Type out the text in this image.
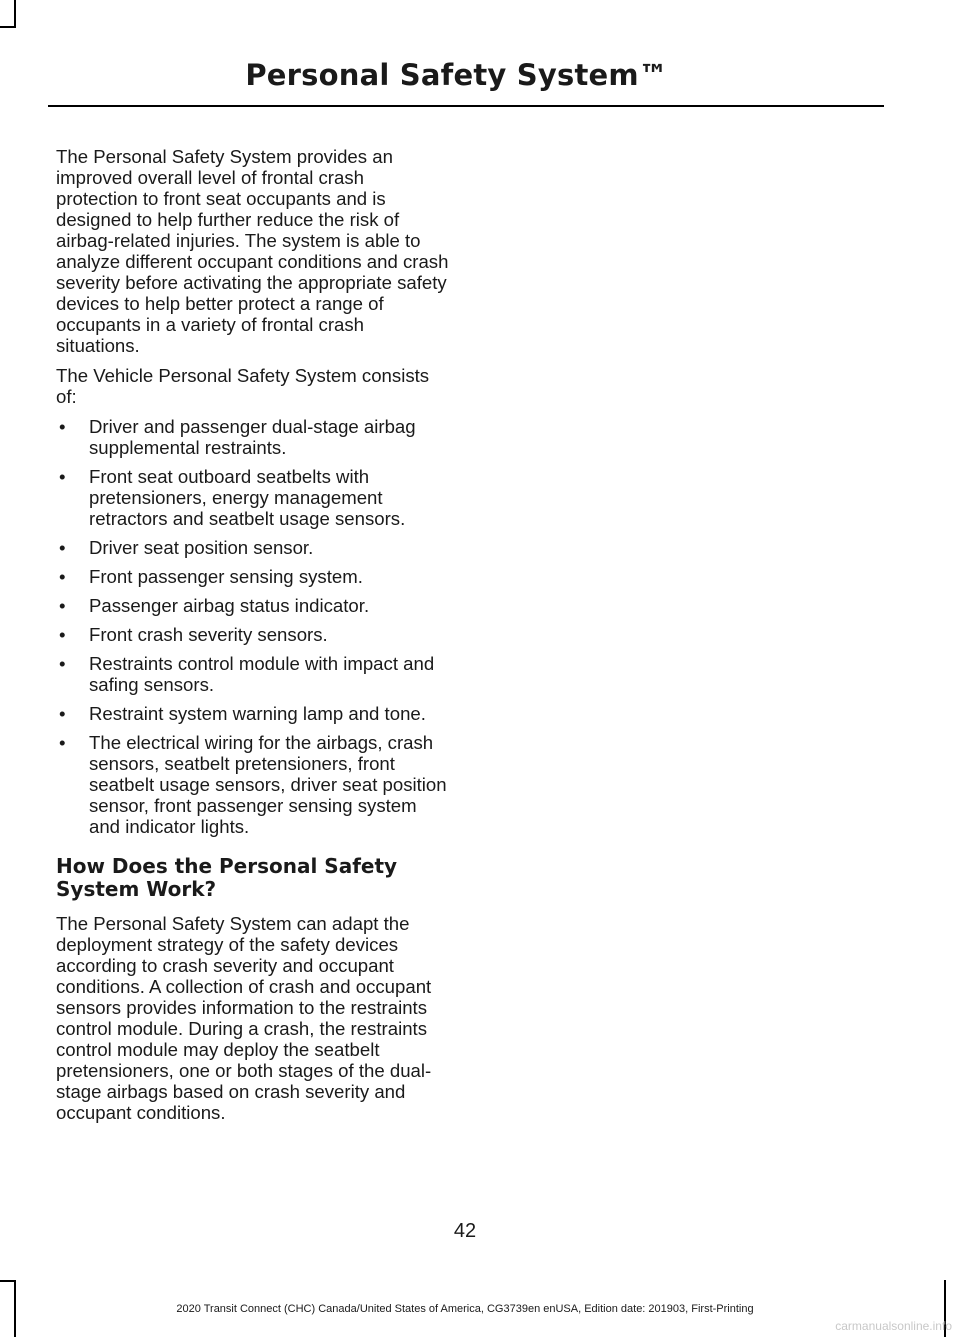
Personal Safety System™

The Personal Safety System provides an improved overall level of frontal crash protection to front seat occupants and is designed to help further reduce the risk of airbag-related injuries. The system is able to analyze different occupant conditions and crash severity before activating the appropriate safety devices to help better protect a range of occupants in a variety of frontal crash situations.

The Vehicle Personal Safety System consists of:

• Driver and passenger dual-stage airbag supplemental restraints.
• Front seat outboard seatbelts with pretensioners, energy management retractors and seatbelt usage sensors.
• Driver seat position sensor.
• Front passenger sensing system.
• Passenger airbag status indicator.
• Front crash severity sensors.
• Restraints control module with impact and safing sensors.
• Restraint system warning lamp and tone.
• The electrical wiring for the airbags, crash sensors, seatbelt pretensioners, front seatbelt usage sensors, driver seat position sensor, front passenger sensing system and indicator lights.
How Does the Personal Safety System Work?

The Personal Safety System can adapt the deployment strategy of the safety devices according to crash severity and occupant conditions. A collection of crash and occupant sensors provides information to the restraints control module. During a crash, the restraints control module may deploy the seatbelt pretensioners, one or both stages of the dual-stage airbags based on crash severity and occupant conditions.

42
2020 Transit Connect (CHC) Canada/United States of America, CG3739en enUSA, Edition date: 201903, First-Printing
carmanualsonline.info
